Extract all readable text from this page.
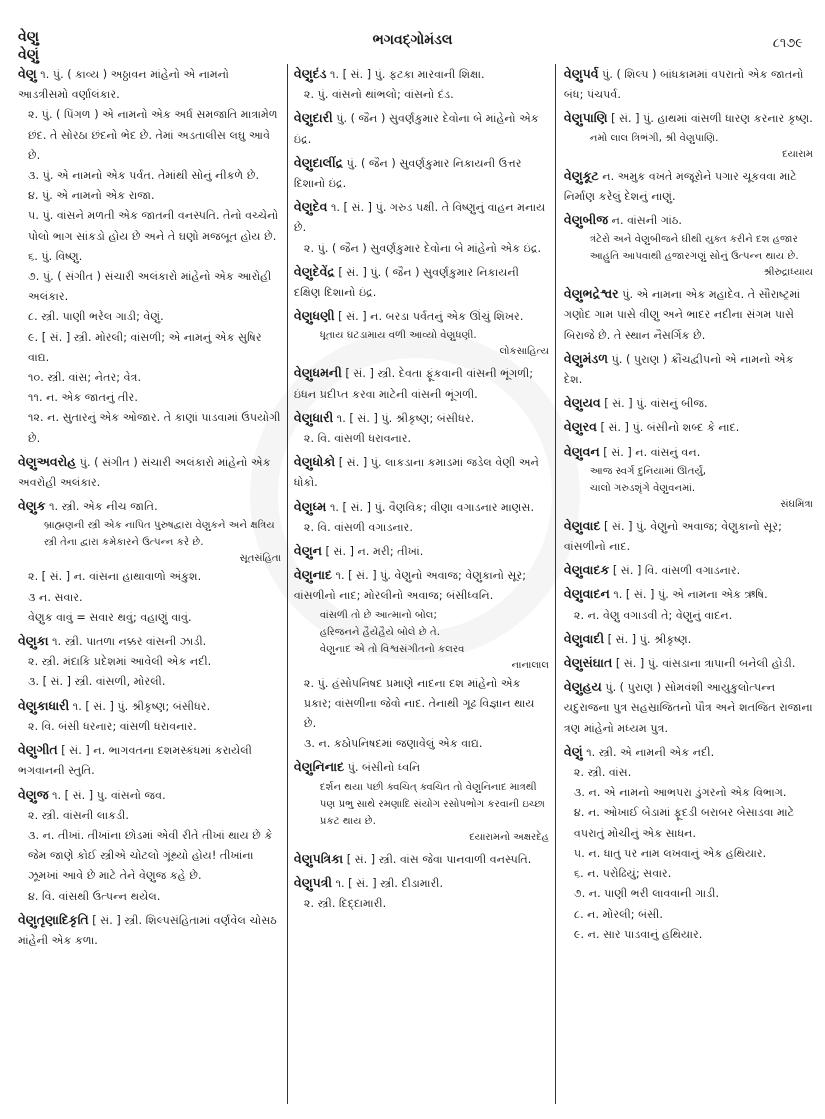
વેણુ
વેણું
ભગવદ્ગોમંડલ	૮૧૭૯
વેણુ ૧. પું. ( કાવ્ય ) અઠ્ઠાવન માંહેનો એ નામનો આડત્રીસમો વર્ણાલંકાર.
૨. પું. ( પિંગળ ) એ નામનો એક અર્ધ સમજાતિ માત્રામેળ છંદ. તે સોરઠા છંદનો ભેદ છે. તેમાં અડતાલીસ લઘુ આવે છે.
૩. પું. એ નામનો એક પર્વત. તેમાંથી સોનું નીકળે છે.
૪. પું. એ નામનો એક રાજા.
૫. પું. વાંસને મળતી એક જાતની વનસ્પતિ. તેનો વચ્ચેનો પોલો ભાગ સાંકડો હોય છે અને તે ઘણો મજબૂત હોય છે.
૬. પું. વિષ્ણુ.
૭. પું. ( સંગીત ) સંચારી અલંકારો માંહેનો એક આરોહી અલંકાર.
૮. સ્ત્રી. પાણી ભરેલ ગાડી; વેણું.
૯. [ સં. ] સ્ત્રી. મોરલી; વાંસળી; એ નામનું એક સુષિર વાદ્ય.
૧૦. સ્ત્રી. વાંસ; નેતર; વેત્ર.
૧૧. ન. એક જાતનું તીર.
૧૨. ન. સુતારનું એક ઓજાર. તે કાણાં પાડવામાં ઉપયોગી છે.
વેણુઅવરોહ પું. ( સંગીત ) સંચારી અલંકારો માંહેનો એક અવરોહી અલંકાર.
વેણુક ૧. સ્ત્રી. એક નીચ જાતિ.
બ્રાહ્મણની સ્ત્રી એક નાપિત પુરુષદ્વારા વેણુકને અને ક્ષત્રિય સ્ત્રી તેના દ્વારા કમેકારને ઉત્પન્ન કરે છે.
સૂતસંહિતા
૨. [ સં. ] ન. વાંસના હાથાવાળો અંકુશ.
૩ ન. સવાર.
વેણુક વાવું = સવાર થવું; વહાણું વાવું.
વેણુકા ૧. સ્ત્રી. પાતળા નક્કર વાંસની ઝાડી.
૨. સ્ત્રી. મંદાકિ પ્રદેશમાં આવેલી એક નદી.
૩. [ સં. ] સ્ત્રી. વાંસળી, મોરલી.
વેણુકાધારી ૧. [ સં. ] પું. શ્રીકૃષ્ણ; બંસીધર.
૨. વિ. બંસી ધરનાર; વાંસળી ધરાવનાર.
વેણુગીત [ સં. ] ન. ભાગવતના દશમસ્કંધમાં કરાયેલી ભગવાનની સ્તુતિ.
વેણુજ ૧. [ સં. ] પુ. વાંસનો જવ.
૨. સ્ત્રી. વાંસની લાકડી.
૩. ન. તીખાં. તીખાંના છોડમાં એવી રીતે તીખાં થાય છે કે જેમ જાણે કોઈ સ્ત્રીએ ચોટલો ગૂંથ્યો હોય! તીખાંના ઝૂમખાં આવે છે માટે તેને વેણુજ કહે છે.
૪. વિ. વાંસથી ઉત્પન્ન થયેલ.
વેણુતૃણાદિકૃતિ [ સં. ] સ્ત્રી. શિલ્પસંહિતામાં વર્ણવેલ ચોસઠ માંહેની એક કળા.
વેણુદંડ ૧. [ સં. ] પું. ફટકા મારવાની શિક્ષા.
૨. પું. વાંસનો થાંભલો; વાંસનો દંડ.
વેણુદારી પું. ( જૈન ) સુવર્ણકુમાર દેવોના બે માંહેનો એક ઇંદ્ર.
વેણુદાલીંદ્ર પું. ( જૈન ) સુવર્ણકુમાર નિકાયની ઉત્તર દિશાનો ઇંદ્ર.
વેણુદેવ ૧. [ સં. ] પું. ગરુડ પક્ષી. તે વિષ્ણુનું વાહન મનાય છે.
૨. પું. ( જૈન ) સુવર્ણકુમાર દેવોના બે માંહેનો એક ઇંદ્ર.
વેણુદેવેંદ્ર [ સં. ] પું. ( જૈન ) સુવર્ણકુમાર નિકાયની દક્ષિણ દિશાનો ઇંદ્ર.
વેણુધણી [ સં. ] ન. બરડા પર્વતનું એક ઊંચું શિખર.
ધૂતાય ઘટડામાય વળી આવ્યો વેણુધણી.
લોકસાહિત્ય
વેણુધમની [ સં. ] સ્ત્રી. દેવતા ફૂંકવાની વાંસની ભૂંગળી; ઇંધન પ્રદીપ્ત કરવા માટેની વાંસની ભૂંગળી.
વેણુધારી ૧. [ સં. ] પું. શ્રીકૃષ્ણ; બંસીધર.
૨. વિ. વાંસળી ધરાવનાર.
વેણુધોકો [ સં. ] પું. લાકડાના કમાડમાં જડેલ વેણી અને ધોકો.
વેણુધ્મ ૧. [ સં. ] પું. વૈણવિક; વીણા વગાડનાર માણસ.
૨. વિ. વાંસળી વગાડનાર.
વેણુન [ સં. ] ન. મરી; તીખાં.
વેણુનાદ ૧. [ સં. ] પું. વેણુનો અવાજ; વેણુકાનો સૂર; વાંસળીનો નાદ; મોરલીનો અવાજ; બંસીધ્વનિ.
વાંસળી તો છે આત્માનો બોલ;
હરિજનને હૈયેહૈયે બોલે છે તે.
વેણુનાદ એ તો વિશ્વસંગીતનો કલરવ
નાનાલાલ
૨. પું. હંસોપનિષદ પ્રમાણે નાદના દશ માંહેનો એક પ્રકાર; વાંસળીના જેવો નાદ. તેનાથી ગૂઢ વિજ્ઞાન થાય છે.
૩. ન. કઠોપનિષદમાં જણાવેલું એક વાદ્ય.
વેણુનિનાદ પું. બંસીનો ધ્વનિ
દર્શન થયા પછી ક્વચિત્ ક્વચિત તો વેણુનિનાદ માત્રથી પણ પ્રભુ સાથે રમણાદિ સંયોગ રસોપભોગ કરવાની ઇચ્છા પ્રકટ થાય છે.
દયારામનો અક્ષરદેહ
વેણુપત્રિકા [ સં. ] સ્ત્રી. વાંસ જેવા પાનવાળી વનસ્પતિ.
વેણુપત્રી ૧. [ સં. ] સ્ત્રી. દીડામારી.
૨. સ્ત્રી. દિદ્દામારી.
વેણુપર્વ પું. ( શિલ્પ ) બાંધકામમાં વપરાતો એક જાતનો બંધ; પંચપર્વ.
વેણુપાણિ [ સં. ] પું. હાથમાં વાંસળી ધારણ કરનાર કૃષ્ણ.
નમો લાલ ત્રિભંગી, શ્રી વેણુપાણિ.
દયારામ
વેણુકૂટ ન. અમુક વખતે મજૂરોને પગાર ચૂકવવા માટે નિર્માણ કરેલું દેશનું નાણું.
વેણુબીજ ન. વાંસની ગાંઠ.
ત્રંટેરો અને વેણુબીજને ઘીથી યુક્ત કરીને દશ હજાર આહુતિ આપવાથી હજારગણું સોનું ઉત્પન્ન થાય છે.
શ્રીરુદ્રાધ્યાય
વેણુભદ્રેશ્વર પું. એ નામના એક મહાદેવ. તે સૌરાષ્ટ્રમાં ગણોદ ગામ પાસે વીણુ અને ભાદર નદીના સંગમ પાસે બિરાજે છે. તે સ્થાન નૈસર્ગિક છે.
વેણુમંડળ પું. ( પુરાણ ) ક્રૌંચદ્વીપનો એ નામનો એક દેશ.
વેણુયવ [ સં. ] પું. વાંસનું બીજ.
વેણુરવ [ સં. ] પું. બંસીનો શબ્દ કે નાદ.
વેણુવન [ સં. ] ન. વાંસનું વન.
આજ સ્વર્ગ દુનિયામાં ઊતર્યું,
ચાલો ગરુડશૃંગે વેણુવનમાં.
સંઘમિત્રા
વેણુવાદ [ સં. ] પું. વેણુનો અવાજ; વેણુકાનો સૂર; વાંસળીનો નાદ.
વેણુવાદક [ સં. ] વિ. વાંસળી વગાડનાર.
વેણુવાદન ૧. [ સં. ] પું. એ નામના એક ઋષિ.
૨. ન. વેણુ વગાડવી તે; વેણુનું વાદન.
વેણુવાદી [ સં. ] પું. શ્રીકૃષ્ણ.
વેણુસંઘાત [ સં. ] પું. વાંસડાના ત્રાપાની બનેલી હોડી.
વેણુહય પું. ( પુરાણ ) સોમવંશી આયુકુલોત્પન્ન યદુરાજના પુત્ર સહસ્રાજિતનો પૌત્ર અને શતજિત રાજાના ત્રણ માંહેનો મધ્યમ પુત્ર.
વેણું ૧. સ્ત્રી. એ નામની એક નદી.
૨. સ્ત્રી. વાંસ.
૩. ન. એ નામનો આભપરા ડુંગરનો એક વિભાગ.
૪. ન. ઓખાઈ બેડામાં ફૂદડી બરાબર બેસાડવા માટે વપરાતું મોચીનું એક સાધન.
૫. ન. ધાતુ પર નામ લખવાનું એક હથિયાર.
૬. ન. પરોઢિયું; સવાર.
૭. ન. પાણી ભરી લાવવાની ગાડી.
૮. ન. મોરલી; બંસી.
૯. ન. સાર પાડવાનું હથિયાર.
